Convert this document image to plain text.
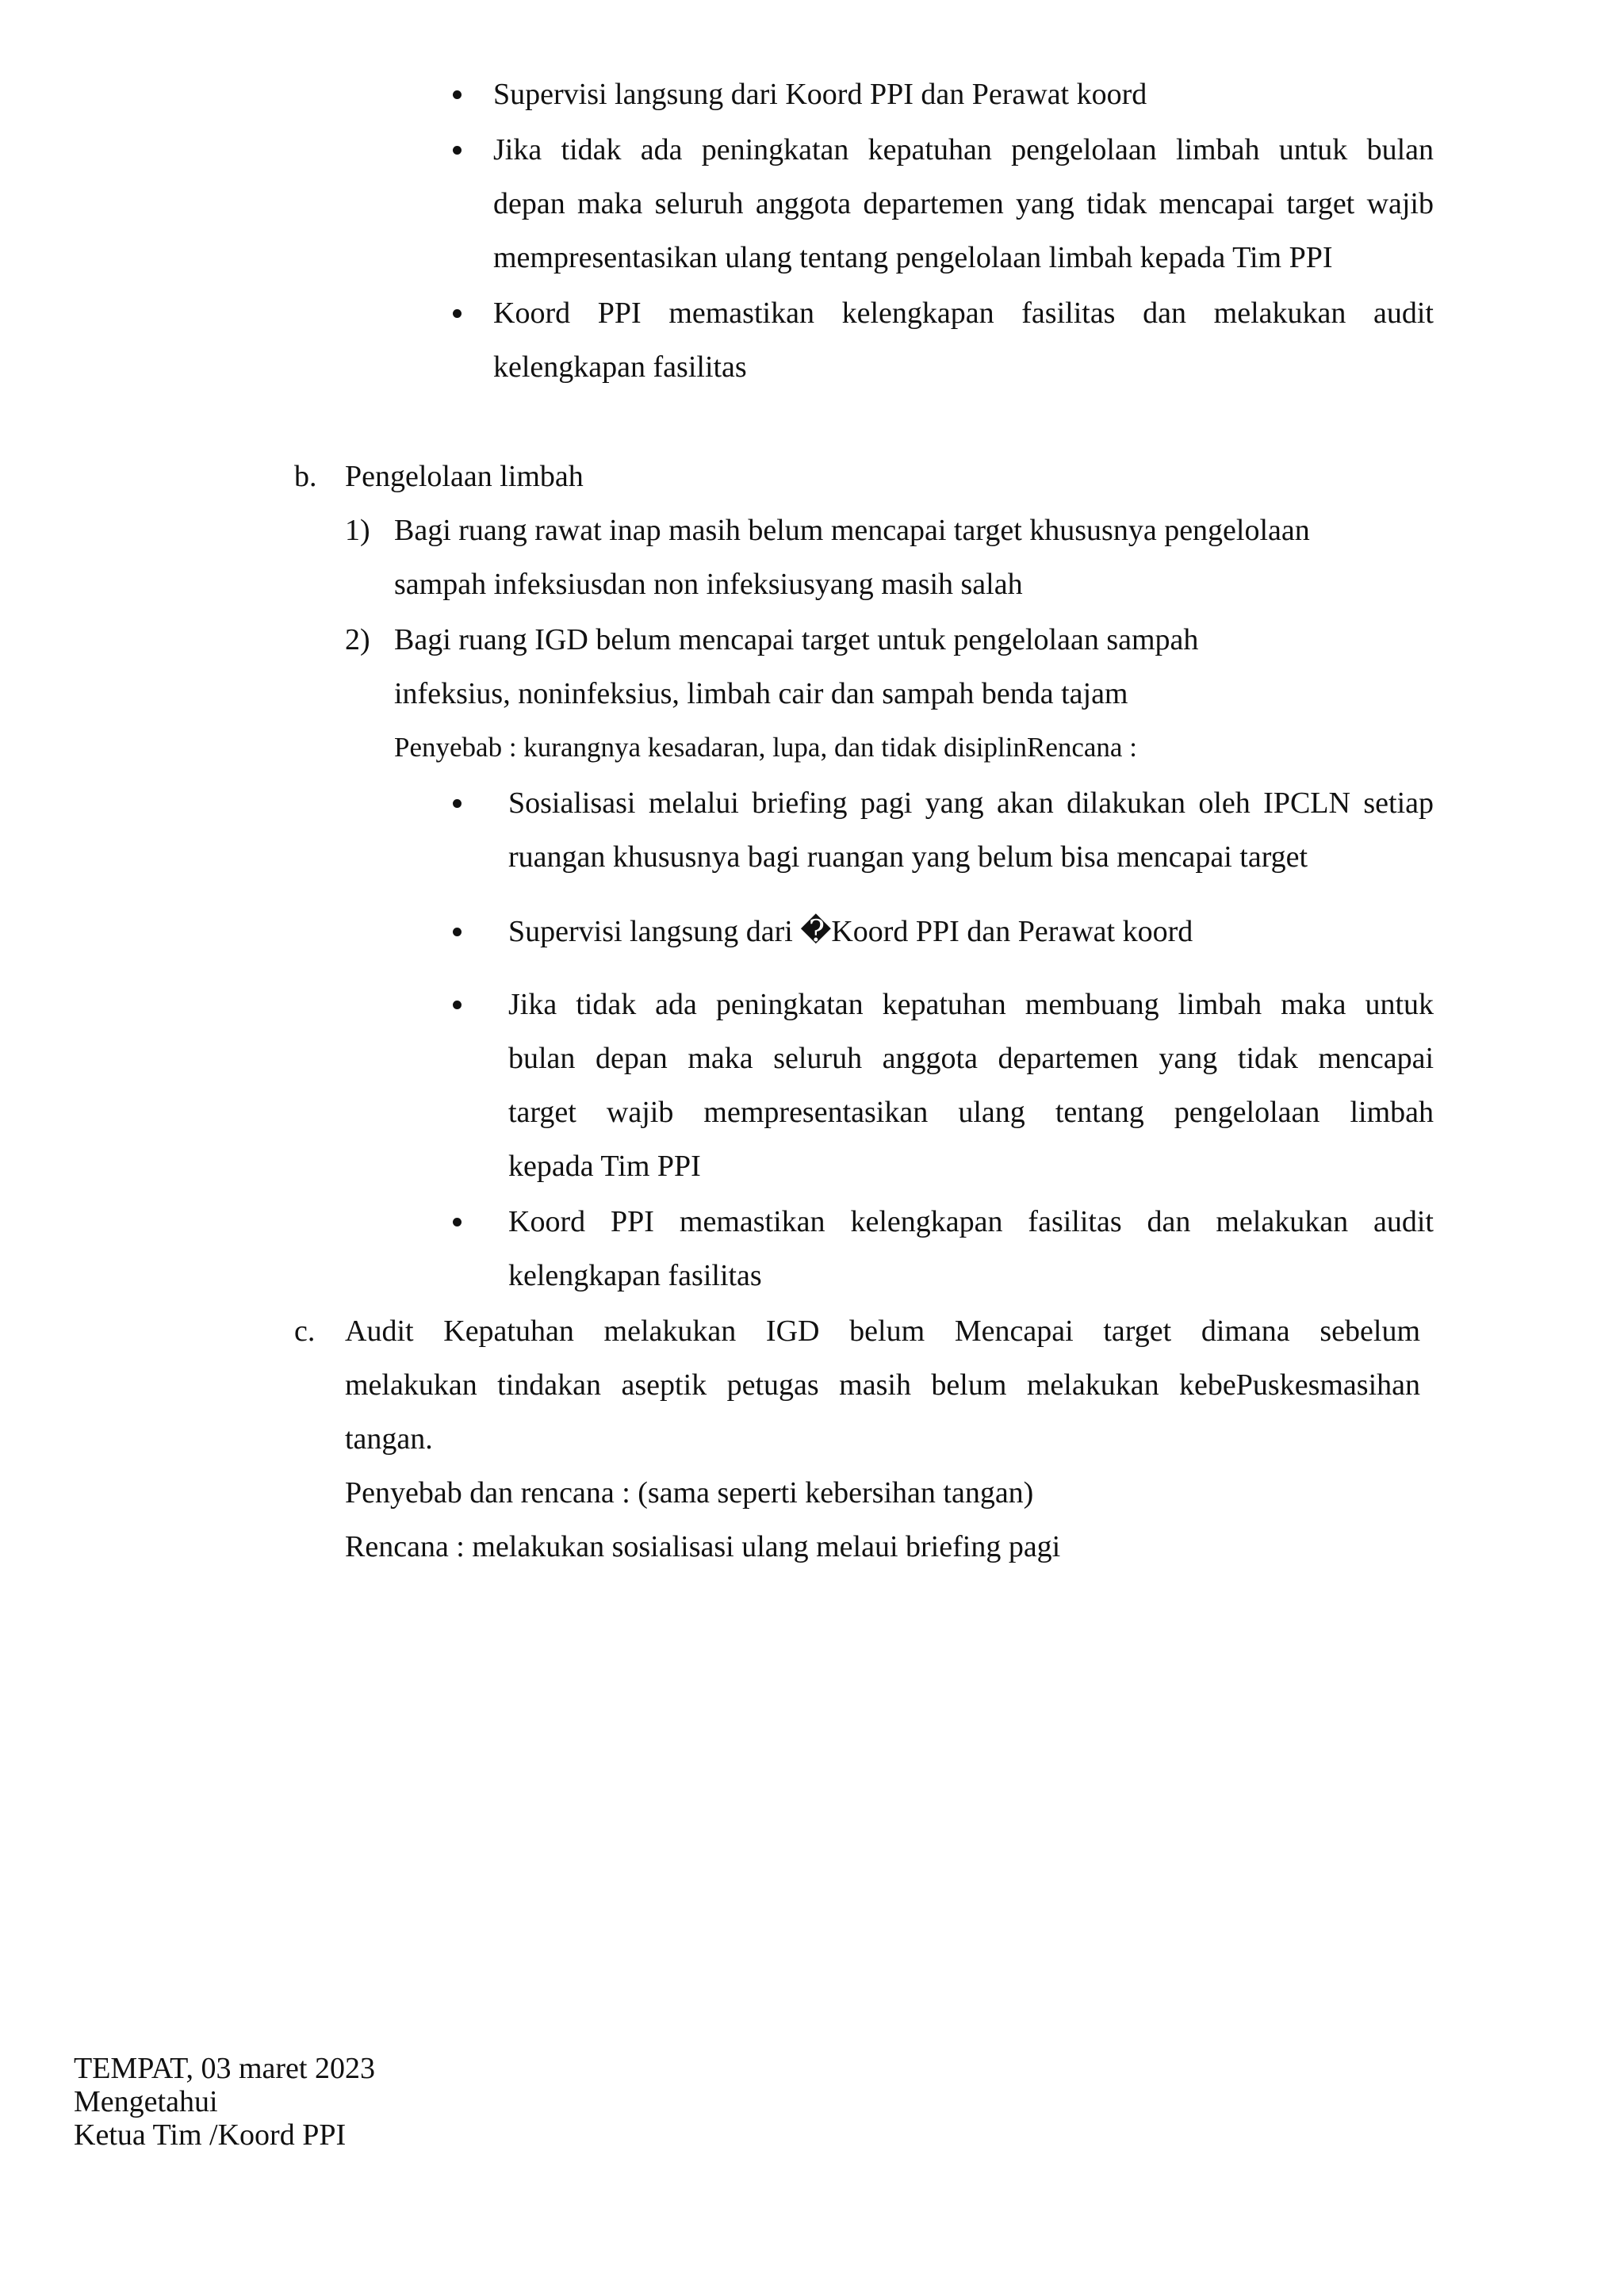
Supervisi langsung dari Koord PPI dan Perawat koord
Jika tidak ada peningkatan kepatuhan pengelolaan limbah untuk bulan
depan maka seluruh anggota departemen yang tidak mencapai target wajib
mempresentasikan ulang tentang pengelolaan limbah kepada Tim PPI
Koord PPI memastikan kelengkapan fasilitas dan melakukan audit
kelengkapan fasilitas
b. Pengelolaan limbah
1) Bagi ruang rawat inap masih belum mencapai target khususnya pengelolaan
sampah infeksiusdan non infeksiusyang masih salah
2) Bagi ruang IGD belum mencapai target untuk pengelolaan sampah
infeksius, noninfeksius, limbah cair dan sampah benda tajam
Penyebab : kurangnya kesadaran, lupa, dan tidak disiplinRencana :
Sosialisasi melalui briefing pagi yang akan dilakukan oleh IPCLN setiap
ruangan khususnya bagi ruangan yang belum bisa mencapai target
Supervisi langsung dari �Koord PPI dan Perawat koord
Jika tidak ada peningkatan kepatuhan membuang limbah maka untuk
bulan depan maka seluruh anggota departemen yang tidak mencapai
target wajib mempresentasikan ulang tentang pengelolaan limbah
kepada Tim PPI
Koord PPI memastikan kelengkapan fasilitas dan melakukan audit
kelengkapan fasilitas
c. Audit Kepatuhan melakukan IGD belum Mencapai target dimana sebelum
melakukan tindakan aseptik petugas masih belum melakukan kebePuskesmasihan
tangan.
Penyebab dan rencana : (sama seperti kebersihan tangan)
Rencana : melakukan sosialisasi ulang melaui briefing pagi
TEMPAT, 03 maret 2023
Mengetahui
Ketua Tim /Koord PPI
